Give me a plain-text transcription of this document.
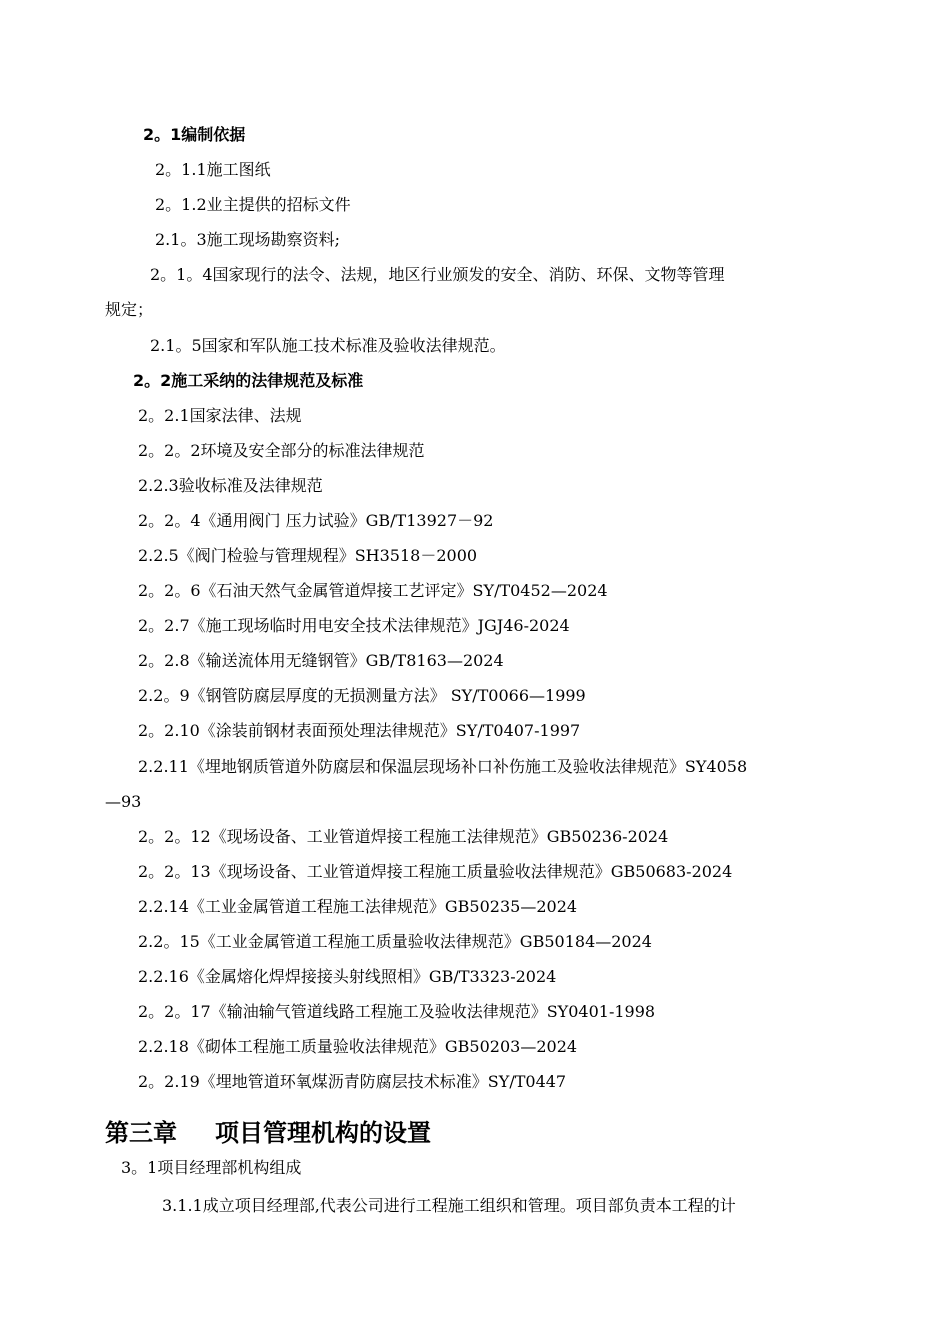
2。1编制依据
2。1.1施工图纸
2。1.2业主提供的招标文件
2.1。3施工现场勘察资料;
2。1。4国家现行的法令、法规，地区行业颁发的安全、消防、环保、文物等管理
规定；
2.1。5国家和军队施工技术标准及验收法律规范。
2。2施工采纳的法律规范及标准
2。2.1国家法律、法规
2。2。2环境及安全部分的标准法律规范
2.2.3验收标准及法律规范
2。2。4《通用阀门 压力试验》GB/T13927－92
2.2.5《阀门检验与管理规程》SH3518－2000
2。2。6《石油天然气金属管道焊接工艺评定》SY/T0452—2024
2。2.7《施工现场临时用电安全技术法律规范》JGJ46-2024
2。2.8《输送流体用无缝钢管》GB/T8163—2024
2.2。9《钢管防腐层厚度的无损测量方法》 SY/T0066—1999
2。2.10《涂装前钢材表面预处理法律规范》SY/T0407-1997
2.2.11《埋地钢质管道外防腐层和保温层现场补口补伤施工及验收法律规范》SY4058
—93
2。2。12《现场设备、工业管道焊接工程施工法律规范》GB50236-2024
2。2。13《现场设备、工业管道焊接工程施工质量验收法律规范》GB50683-2024
2.2.14《工业金属管道工程施工法律规范》GB50235—2024
2.2。15《工业金属管道工程施工质量验收法律规范》GB50184—2024
2.2.16《金属熔化焊焊接接头射线照相》GB/T3323-2024
2。2。17《输油输气管道线路工程施工及验收法律规范》SY0401-1998
2.2.18《砌体工程施工质量验收法律规范》GB50203—2024
2。2.19《埋地管道环氧煤沥青防腐层技术标准》SY/T0447
第三章 项目管理机构的设置
3。1项目经理部机构组成
3.1.1成立项目经理部,代表公司进行工程施工组织和管理。项目部负责本工程的计
